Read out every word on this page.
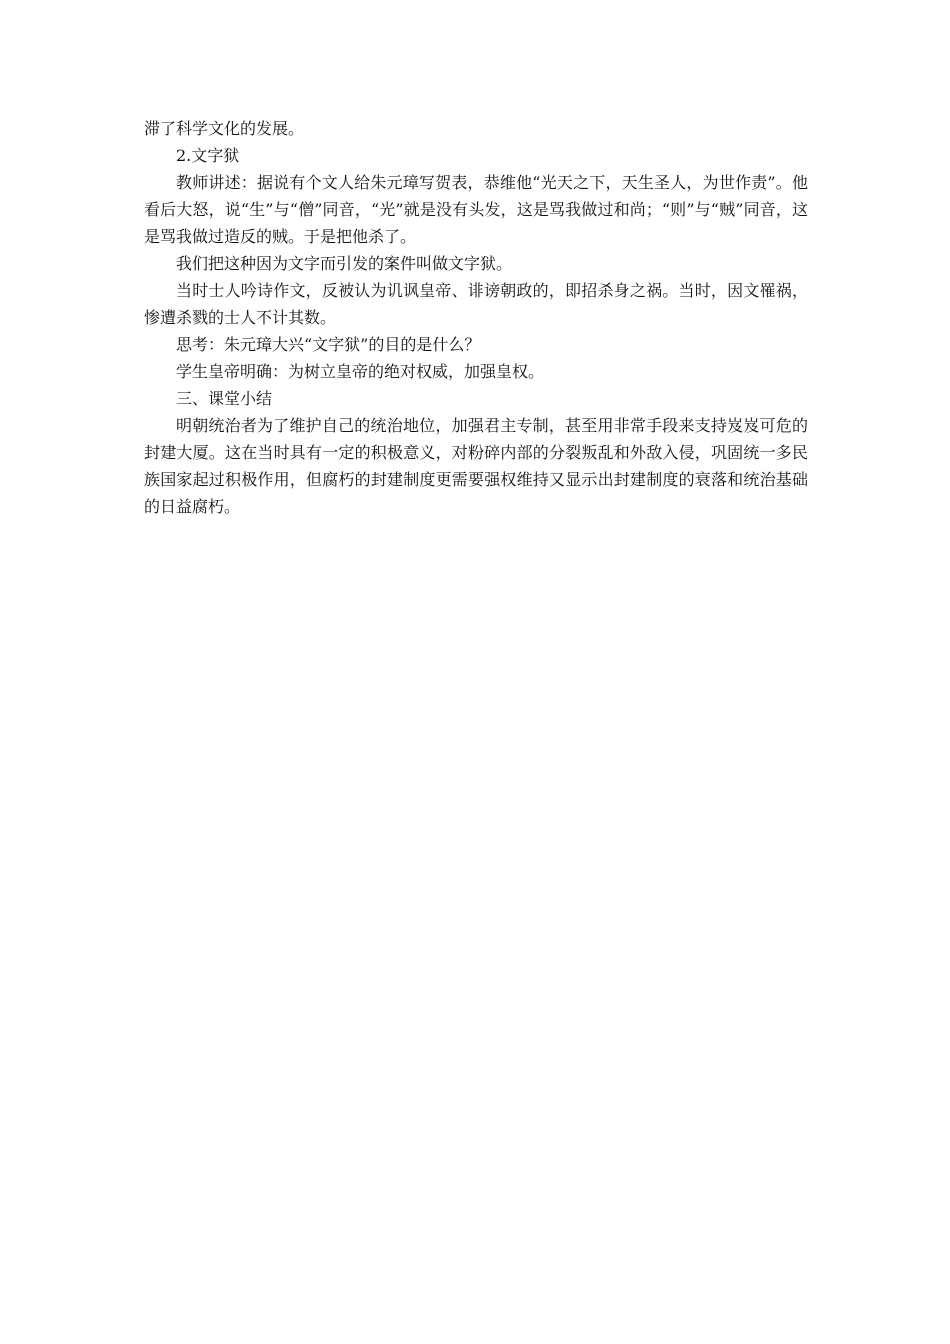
滞了科学文化的发展。

2.文字狱

教师讲述：据说有个文人给朱元璋写贺表，恭维他“光天之下，天生圣人，为世作责”。他看后大怒，说“生”与“僧”同音，“光”就是没有头发，这是骂我做过和尚；“则”与“贼”同音，这是骂我做过造反的贼。于是把他杀了。

我们把这种因为文字而引发的案件叫做文字狱。

当时士人吟诗作文，反被认为讥讽皇帝、诽谤朝政的，即招杀身之祸。当时，因文罹祸，惨遭杀戮的士人不计其数。

思考：朱元璋大兴“文字狱”的目的是什么？

学生皇帝明确：为树立皇帝的绝对权威，加强皇权。

三、课堂小结

明朝统治者为了维护自己的统治地位，加强君主专制，甚至用非常手段来支持岌岌可危的封建大厦。这在当时具有一定的积极意义，对粉碎内部的分裂叛乱和外敌入侵，巩固统一多民族国家起过积极作用，但腐朽的封建制度更需要强权维持又显示出封建制度的衰落和统治基础的日益腐朽。
